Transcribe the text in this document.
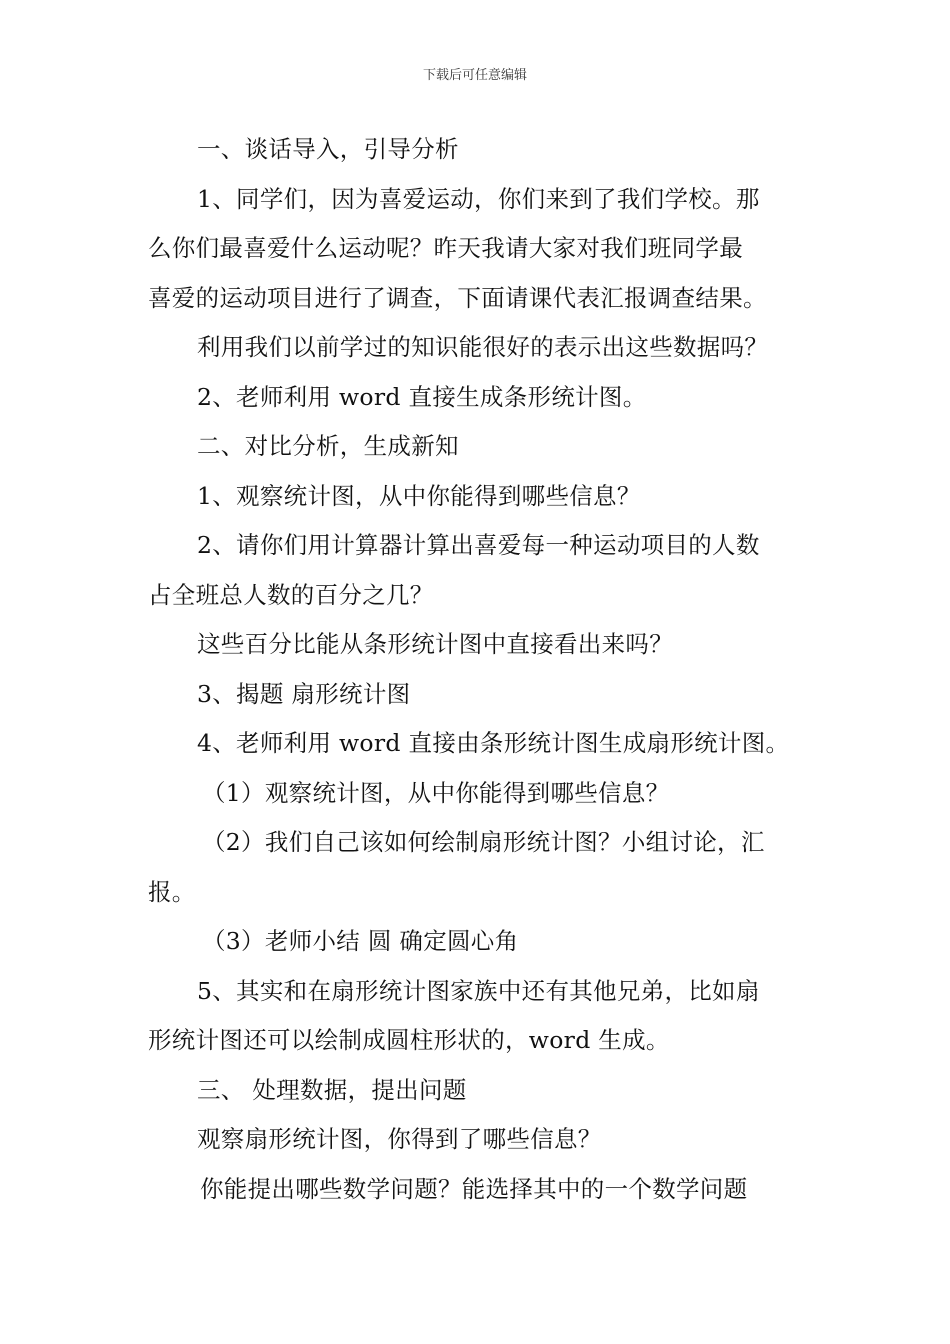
下载后可任意编辑

一、谈话导入，引导分析

1、同学们，因为喜爱运动，你们来到了我们学校。那

么你们最喜爱什么运动呢？昨天我请大家对我们班同学最

喜爱的运动项目进行了调查，下面请课代表汇报调查结果。

利用我们以前学过的知识能很好的表示出这些数据吗？

2、老师利用 word 直接生成条形统计图。

二、对比分析，生成新知

1、观察统计图，从中你能得到哪些信息？

2、请你们用计算器计算出喜爱每一种运动项目的人数

占全班总人数的百分之几？

这些百分比能从条形统计图中直接看出来吗？

3、揭题 扇形统计图

4、老师利用 word 直接由条形统计图生成扇形统计图。

（1）观察统计图，从中你能得到哪些信息？

（2）我们自己该如何绘制扇形统计图？小组讨论，汇

报。

（3）老师小结 圆 确定圆心角

5、其实和在扇形统计图家族中还有其他兄弟，比如扇

形统计图还可以绘制成圆柱形状的，word 生成。

三、 处理数据，提出问题

观察扇形统计图，你得到了哪些信息？

你能提出哪些数学问题？能选择其中的一个数学问题
